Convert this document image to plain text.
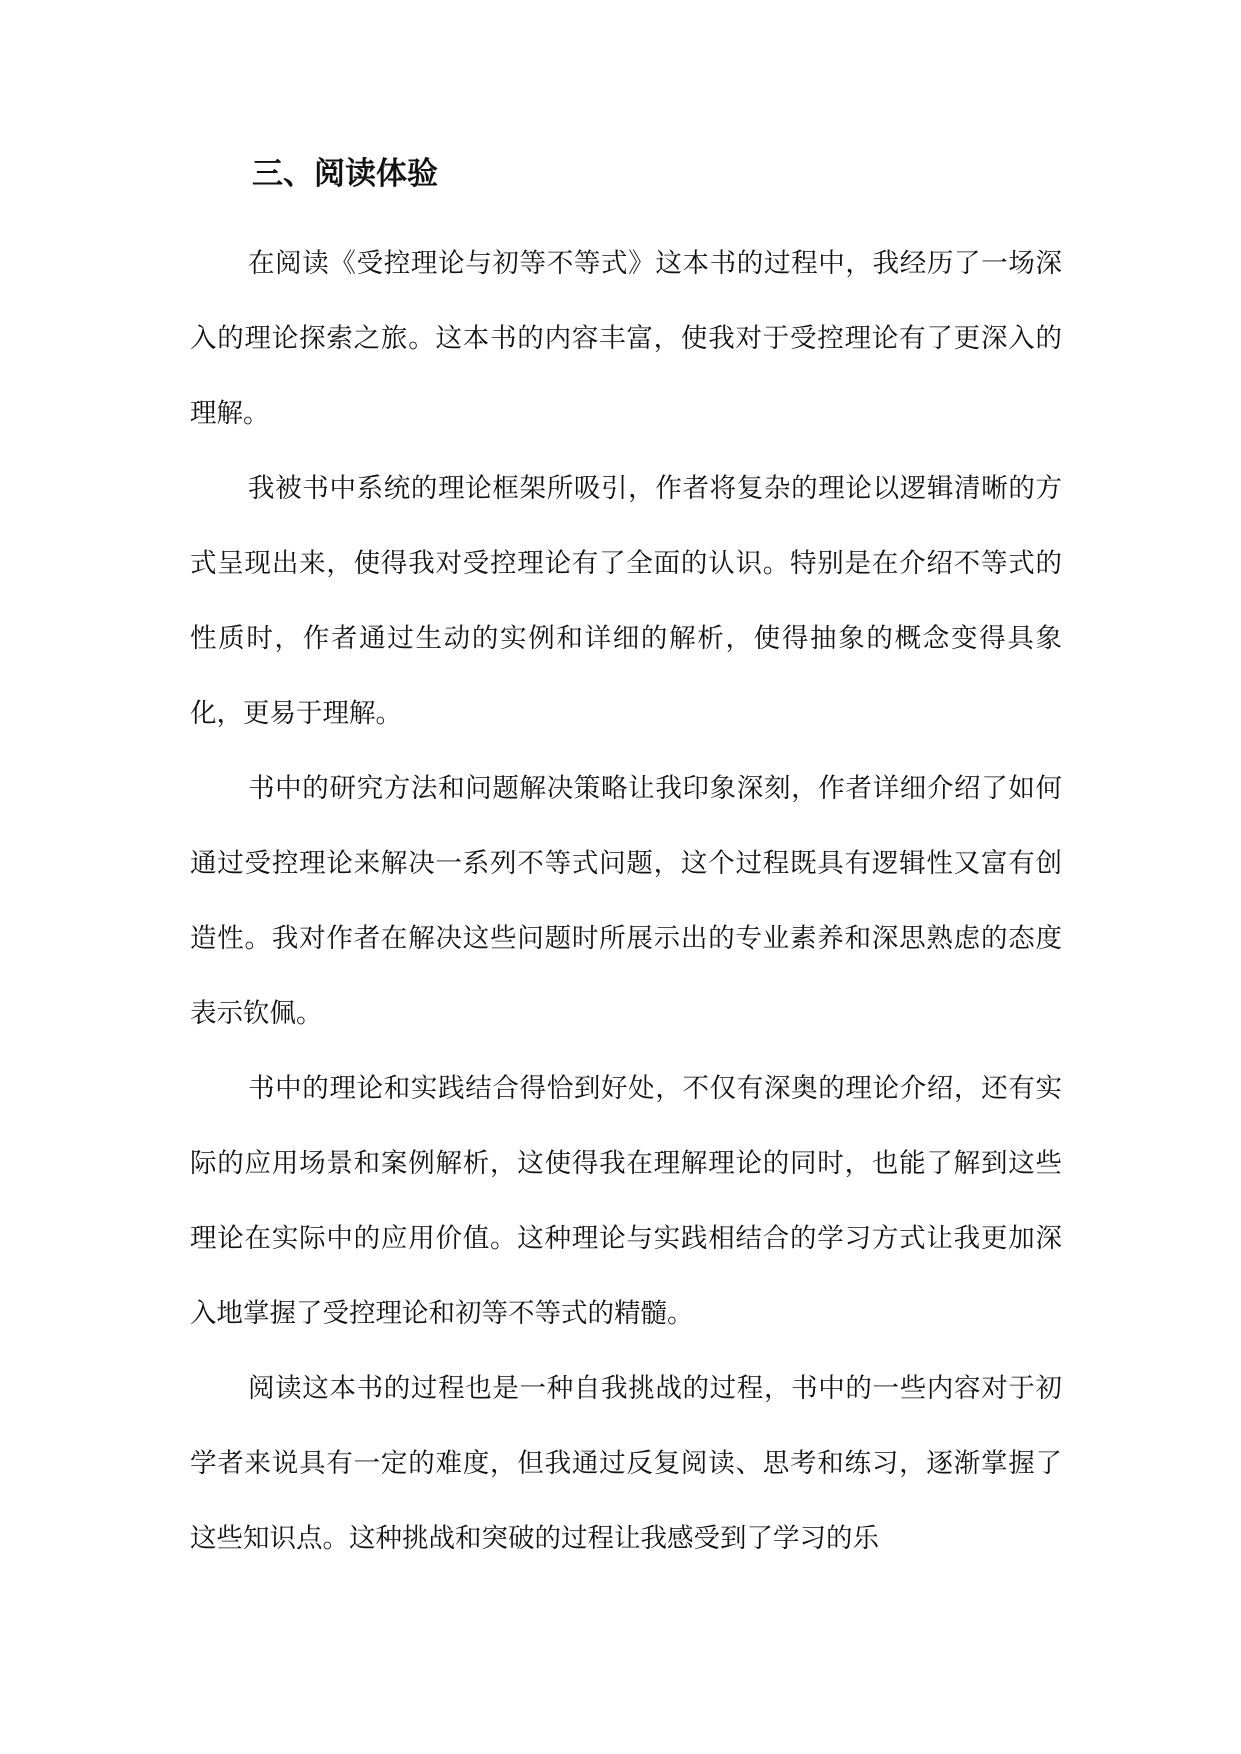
三、阅读体验

在阅读《受控理论与初等不等式》这本书的过程中，我经历了一场深入的理论探索之旅。这本书的内容丰富，使我对于受控理论有了更深入的理解。

我被书中系统的理论框架所吸引，作者将复杂的理论以逻辑清晰的方式呈现出来，使得我对受控理论有了全面的认识。特别是在介绍不等式的性质时，作者通过生动的实例和详细的解析，使得抽象的概念变得具象化，更易于理解。

书中的研究方法和问题解决策略让我印象深刻，作者详细介绍了如何通过受控理论来解决一系列不等式问题，这个过程既具有逻辑性又富有创造性。我对作者在解决这些问题时所展示出的专业素养和深思熟虑的态度表示钦佩。

书中的理论和实践结合得恰到好处，不仅有深奥的理论介绍，还有实际的应用场景和案例解析，这使得我在理解理论的同时，也能了解到这些理论在实际中的应用价值。这种理论与实践相结合的学习方式让我更加深入地掌握了受控理论和初等不等式的精髓。

阅读这本书的过程也是一种自我挑战的过程，书中的一些内容对于初学者来说具有一定的难度，但我通过反复阅读、思考和练习，逐渐掌握了这些知识点。这种挑战和突破的过程让我感受到了学习的乐
